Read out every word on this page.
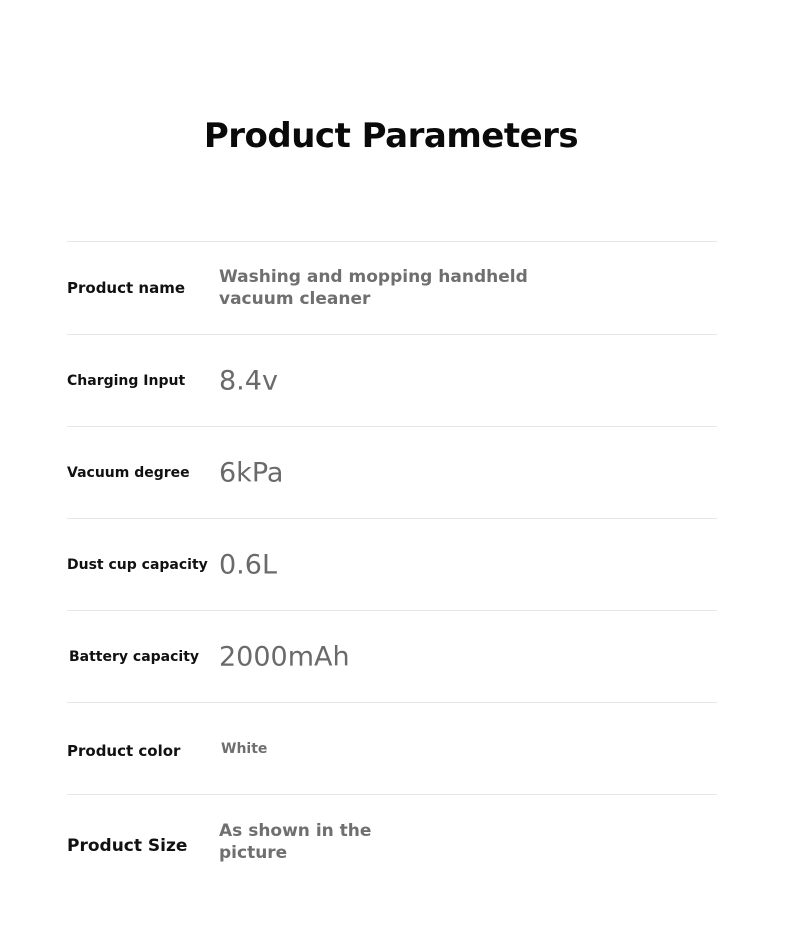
Product Parameters
Product name
Washing and mopping handheld vacuum cleaner
Charging Input 8.4v
Vacuum degree 6kPa
Dust cup capacity 0.6L
Battery capacity 2000mAh
Product color	White
Product Size
As shown in the picture
